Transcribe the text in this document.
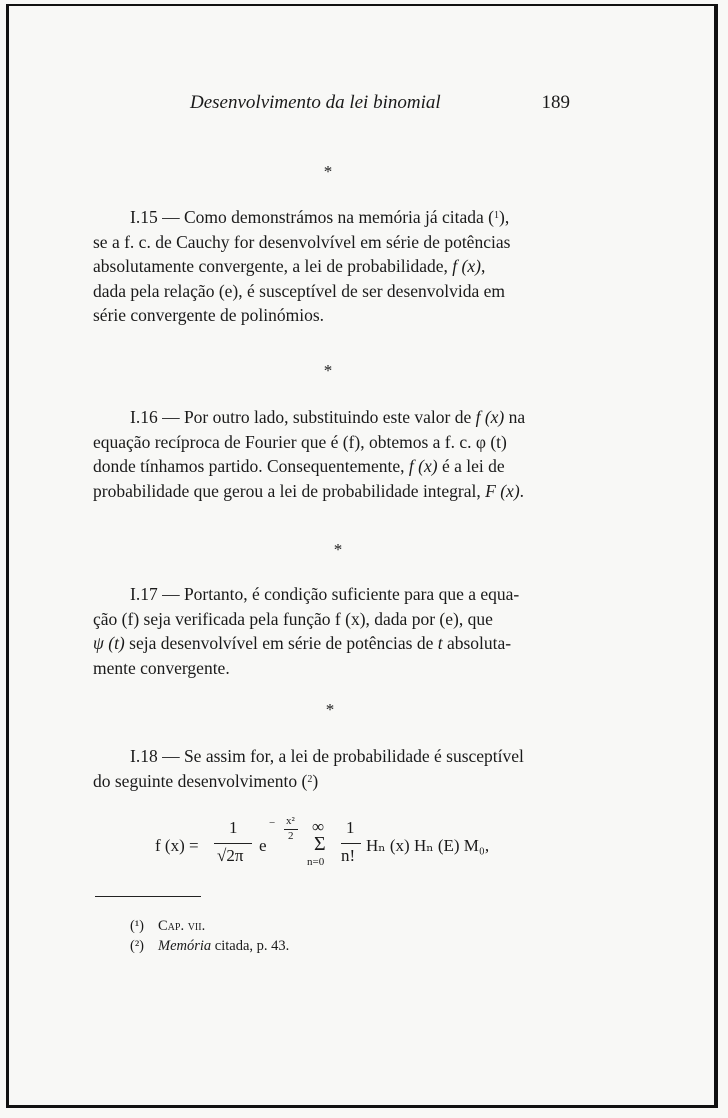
Desenvolvimento da lei binomial	189
*

I.15 — Como demonstrámos na memória já citada ($^1$),

se a f. c. de Cauchy for desenvolvível em série de potências

absolutamente convergente, a lei de probabilidade, f (x),

dada pela relação (e), é susceptível de ser desenvolvida em

série convergente de polinómios.

*

I.16 — Por outro lado, substituindo este valor de f (x) na

equação recíproca de Fourier que é (f), obtemos a f. c. φ (t)

donde tínhamos partido. Consequentemente, f (x) é a lei de

probabilidade que gerou a lei de probabilidade integral, F (x).

*

I.17 — Portanto, é condição suficiente para que a equa-

ção (f) seja verificada pela função f (x), dada por (e), que

ψ (t) seja desenvolvível em série de potências de t absoluta-

mente convergente.

*

I.18 — Se assim for, a lei de probabilidade é susceptível

do seguinte desenvolvimento ($^2$)

f (x) =
1
√2π
e
− x²
2 ∞
Σ
n=0
1
n!
Hₙ (x) Hₙ (E) M₀,
(¹) Cap. vii.
(²) Memória citada, p. 43.
